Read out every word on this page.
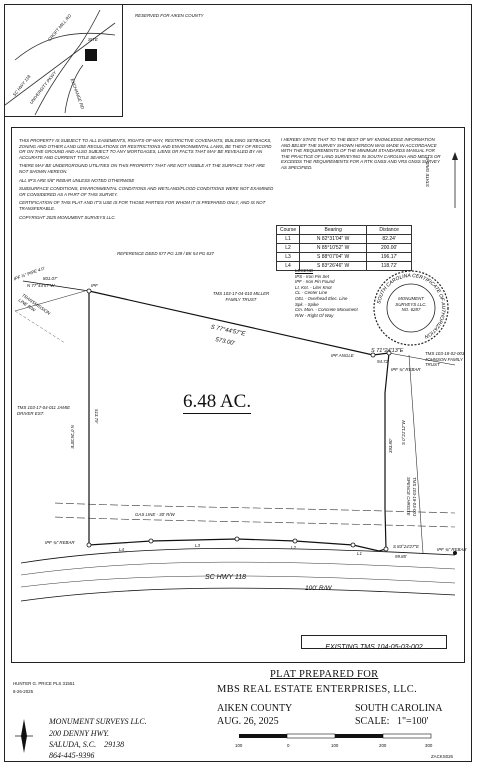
SITE
CROFT MILL RD
SC HWY 118
UNIVERSITY PKWY	EXCHANGE RD
RESERVED FOR AIKEN COUNTY

THIS PROPERTY IS SUBJECT TO ALL EASEMENTS, RIGHTS-OF-WAY, RESTRICTIVE COVENANTS, BUILDING SETBACKS, ZONING AND OTHER LAND USE REGULATIONS OR RESTRICTIONS AND ENVIRONMENTAL LAWS, BE THEY OF RECORD OR ON THE GROUND AND ALSO SUBJECT TO ANY MORTGAGES, LIENS OR FACTS THAT MAY BE REVEALED BY AN ACCURATE AND CURRENT TITLE SEARCH.

THERE MAY BE UNDERGROUND UTILITIES ON THIS PROPERTY THAT ARE NOT VISIBLE AT THE SURFACE THAT ARE NOT SHOWN HEREON.

ALL IP'S ARE 5/8" REBAR UNLESS NOTED OTHERWISE

SUBSURFACE CONDITIONS, ENVIRONMENTAL CONDITIONS AND WETLAND/FLOOD CONDITIONS WERE NOT EXAMINED OR CONSIDERED AS A PART OF THIS SURVEY.

CERTIFICATION OF THIS PLAT AND IT'S USE IS FOR THOSE PARTIES FOR WHOM IT IS PREPARED ONLY, AND IS NOT TRANSFERABLE.

COPYRIGHT 2025 MONUMENT SURVEYS LLC.

REFERENCE DEED 577 PG 139 / BK 54 PG 637
I HEREBY STATE THAT TO THE BEST OF MY KNOWLEDGE INFORMATION AND BELIEF THE SURVEY SHOWN HEREON WAS MADE IN ACCORDANCE WITH THE REQUIREMENTS OF THE MINIMUM STANDARDS MANUAL FOR THE PRACTICE OF LAND SURVEYING IN SOUTH CAROLINA AND MEETS OR EXCEEDS THE REQUIREMENTS FOR A RTK GNSS AND VRS GNSS SURVEY AS SPECIFIED.	STATE GRID N
Course	Bearing	Distance
L1	N 82°31'04" W	82.24'
L2	N 85°10'52" W	200.00'
L3	S 88°07'04" W	196.17'
L4	S 83°26'46" W	118.72'
LEGEND
IPS - Iron Pin Set
IPF - Iron Pin Found
Lt. Knt. - Liter Knot
CL - Center Line
OEL - Overhead Elec. Line
Spk. - Spike
Cm. Mon. - Concrete Monument
R/W - Right Of Way
SOUTH CAROLINA CERTIFICATE OF AUTHORIZATION
MONUMENT
SURVEYS LLC.
NO. 6287
6.48 AC.
IPF ¾" PIPE 4.0'
N 77°44'57"W
801.07'
IPF
TRANSMISSION LINE R/W
TMS 103-17-04-010 MILLER FAMILY TRUST
S 77°44'57"E
573.00'
IPF ANGLE
S 71°24'13"E
94.72'
TMS 103-18-02-003 JOHNSON FAMILY TRUST
IPF ¾" REBAR
TMS 103-17-04-011 JAMIE DRIVER EST.
N 0°26'30"E
513.79'
S 0°21'12"W
393.80'
TMS 103-18-03-001 SPENCE CHRISTE
GAS LINE - 30' R/W
IPF ¾" REBAR
L4
L3	L2
L1
S 83°24'27"E
99.85'
IPF ¾" REBAR
SC HWY 118
100' R/W
EXISTING TMS 104-05-03-002
PLAT PREPARED FOR
MBS REAL ESTATE ENTERPRISES, LLC.
AIKEN COUNTY	SOUTH CAROLINA
AUG. 26, 2025	SCALE:   1"=100'
100	0	100	200	300
ZACKS026
HUNTER G. PRICE PLS 31551
8-26-2025
MONUMENT SURVEYS LLC.
200 DENNY HWY.
SALUDA, S.C.    29138
864-445-9396
